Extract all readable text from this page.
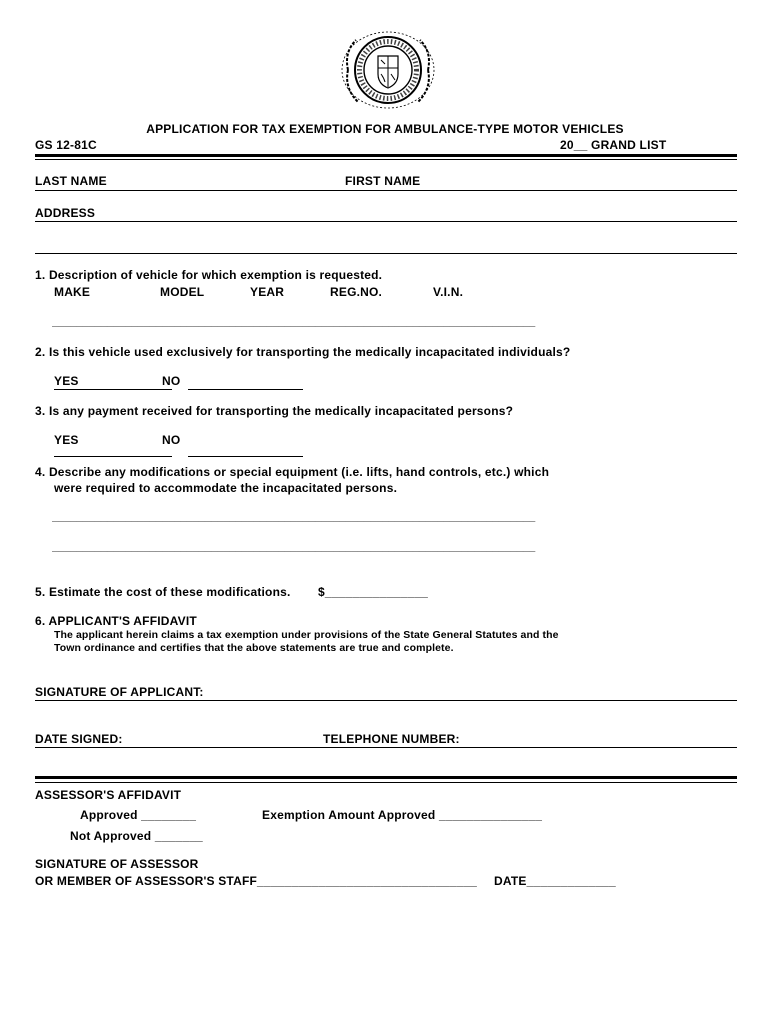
APPLICATION FOR TAX EXEMPTION FOR AMBULANCE-TYPE MOTOR VEHICLES
GS 12-81C	20__ GRAND LIST
LAST NAME	FIRST NAME
ADDRESS
1. Description of vehicle for which exemption is requested.
MAKE	MODEL	YEAR	REG.NO.	V.I.N.
_______________________________________________________________________________
2. Is this vehicle used exclusively for transporting the medically incapacitated individuals?
YES	NO
3. Is any payment received for transporting the medically incapacitated persons?
YES	NO
4. Describe any modifications or special equipment (i.e. lifts, hand controls, etc.) which
were required to accommodate the incapacitated persons.
_______________________________________________________________________________
_______________________________________________________________________________
5. Estimate the cost of these modifications. $_______________
6. APPLICANT'S AFFIDAVIT
The applicant herein claims a tax exemption under provisions of the State General Statutes and the
Town ordinance and certifies that the above statements are true and complete.
SIGNATURE OF APPLICANT:
DATE SIGNED:	TELEPHONE NUMBER:
ASSESSOR'S AFFIDAVIT
Approved ________	Exemption Amount Approved _______________
Not Approved _______
SIGNATURE OF ASSESSOR
OR MEMBER OF ASSESSOR'S STAFF________________________________ DATE_____________
